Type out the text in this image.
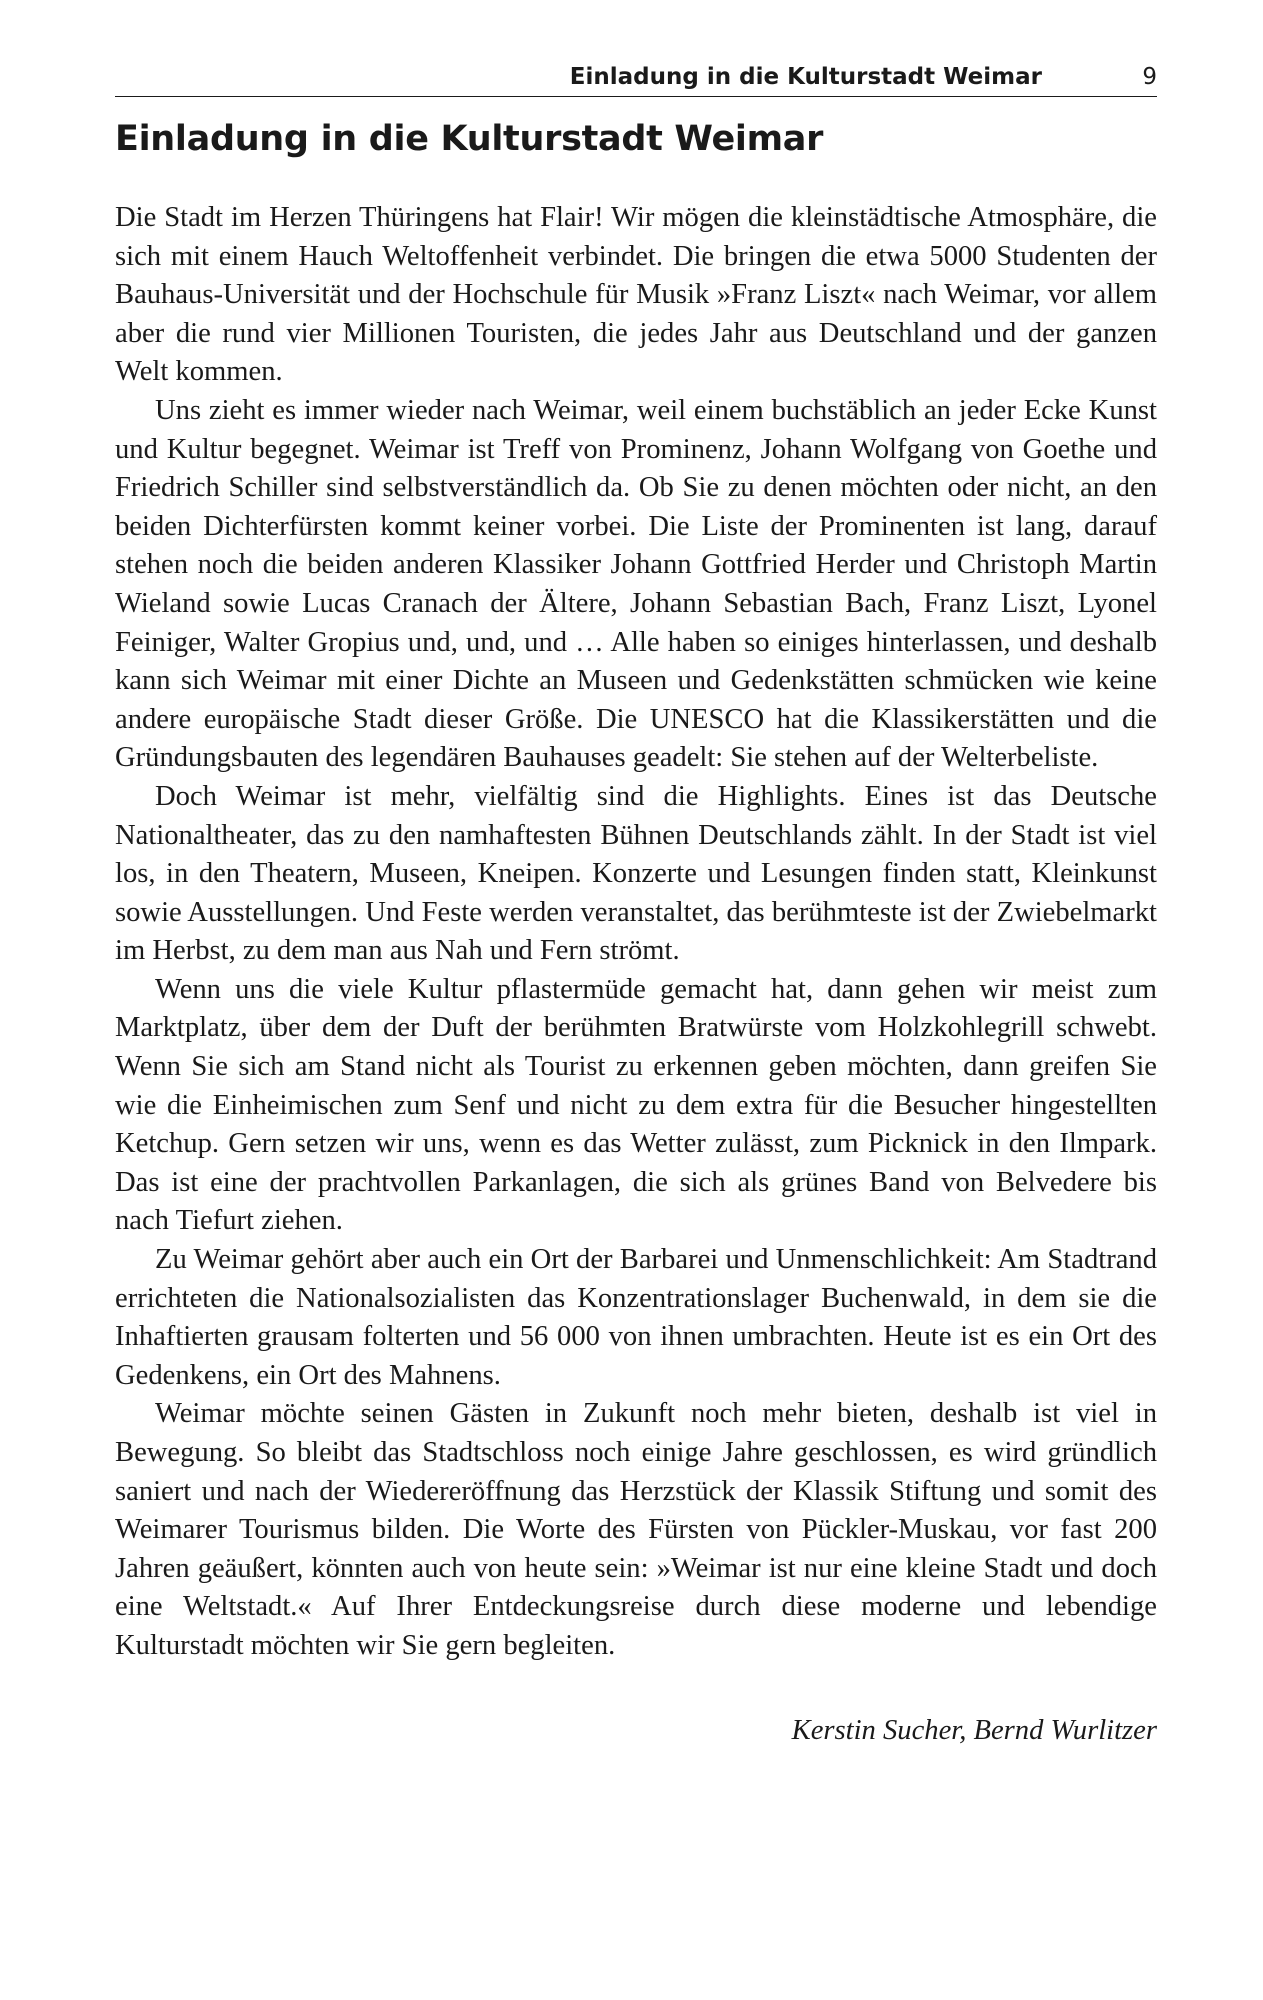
Einladung in die Kulturstadt Weimar	9
Einladung in die Kulturstadt Weimar

Die Stadt im Herzen Thüringens hat Flair! Wir mögen die kleinstädtische Atmosphäre, die sich mit einem Hauch Weltoffenheit verbindet. Die bringen die etwa 5000 Studenten der Bauhaus-Universität und der Hochschule für Musik »Franz Liszt« nach Weimar, vor allem aber die rund vier Millionen Touristen, die jedes Jahr aus Deutschland und der ganzen Welt kommen.

Uns zieht es immer wieder nach Weimar, weil einem buchstäblich an jeder Ecke Kunst und Kultur begegnet. Weimar ist Treff von Prominenz, Johann Wolfgang von Goethe und Friedrich Schiller sind selbstverständlich da. Ob Sie zu denen möchten oder nicht, an den beiden Dichterfürsten kommt keiner vorbei. Die Liste der Prominenten ist lang, darauf stehen noch die beiden anderen Klassiker Johann Gottfried Herder und Christoph Martin Wieland sowie Lucas Cranach der Ältere, Johann Sebastian Bach, Franz Liszt, Lyonel Feiniger, Walter Gropius und, und, und … Alle haben so einiges hinterlassen, und deshalb kann sich Weimar mit einer Dichte an Museen und Gedenkstätten schmücken wie keine andere europäische Stadt dieser Größe. Die UNESCO hat die Klassikerstätten und die Gründungsbauten des legendären Bauhauses geadelt: Sie stehen auf der Welterbeliste.

Doch Weimar ist mehr, vielfältig sind die Highlights. Eines ist das Deutsche Nationaltheater, das zu den namhaftesten Bühnen Deutschlands zählt. In der Stadt ist viel los, in den Theatern, Museen, Kneipen. Konzerte und Lesungen finden statt, Kleinkunst sowie Ausstellungen. Und Feste werden veranstaltet, das berühmteste ist der Zwiebelmarkt im Herbst, zu dem man aus Nah und Fern strömt.

Wenn uns die viele Kultur pflastermüde gemacht hat, dann gehen wir meist zum Marktplatz, über dem der Duft der berühmten Bratwürste vom Holzkohlegrill schwebt. Wenn Sie sich am Stand nicht als Tourist zu erkennen geben möchten, dann greifen Sie wie die Einheimischen zum Senf und nicht zu dem extra für die Besucher hingestellten Ketchup. Gern setzen wir uns, wenn es das Wetter zulässt, zum Picknick in den Ilmpark. Das ist eine der prachtvollen Parkanlagen, die sich als grünes Band von Belvedere bis nach Tiefurt ziehen.

Zu Weimar gehört aber auch ein Ort der Barbarei und Unmenschlichkeit: Am Stadtrand errichteten die Nationalsozialisten das Konzentrationslager Buchenwald, in dem sie die Inhaftierten grausam folterten und 56 000 von ihnen umbrachten. Heute ist es ein Ort des Gedenkens, ein Ort des Mahnens.

Weimar möchte seinen Gästen in Zukunft noch mehr bieten, deshalb ist viel in Bewegung. So bleibt das Stadtschloss noch einige Jahre geschlossen, es wird gründlich saniert und nach der Wiedereröffnung das Herzstück der Klassik Stiftung und somit des Weimarer Tourismus bilden. Die Worte des Fürsten von Pückler-Muskau, vor fast 200 Jahren geäußert, könnten auch von heute sein: »Weimar ist nur eine kleine Stadt und doch eine Weltstadt.« Auf Ihrer Entdeckungsreise durch diese moderne und lebendige Kulturstadt möchten wir Sie gern begleiten.

Kerstin Sucher, Bernd Wurlitzer
